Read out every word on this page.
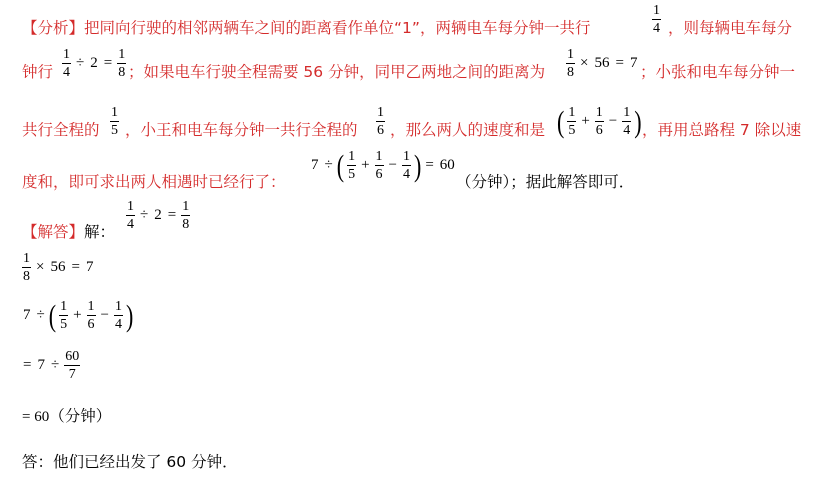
【分析】把同向行驶的相邻两辆车之间的距离看作单位“1”，两辆电车每分钟一共行	$\frac{1}{4}$ ，则每辆电车每分
钟行 $\frac{1}{4} \div 2 = \frac{1}{8}$ ；如果电车行驶全程需要 56 分钟，同甲乙两地之间的距离为 $\frac{1}{8} \times 56 = 7$ ；小张和电车每分钟一
共行全程的 $\frac{1}{5}$ ，小王和电车每分钟一共行全程的 $\frac{1}{6}$ ，那么两人的速度和是 ( $\frac{1}{5} + \frac{1}{6} - \frac{1}{4}$ ) ，再用总路程 7 除以速
度和，即可求出两人相遇时已经行了：
7 ÷ ( $\frac{1}{5} + \frac{1}{6} - \frac{1}{4}$ ) = 60
（分钟）；据此解答即可．
【解答】解： $\frac{1}{4} \div 2 = \frac{1}{8}$
$\frac{1}{8} \times 56 = 7$
7 ÷ ( $\frac{1}{5} + \frac{1}{6} - \frac{1}{4}$ )
= $7 \div \frac{60}{7}$
= 60（分钟）
答：他们已经出发了 60 分钟．
